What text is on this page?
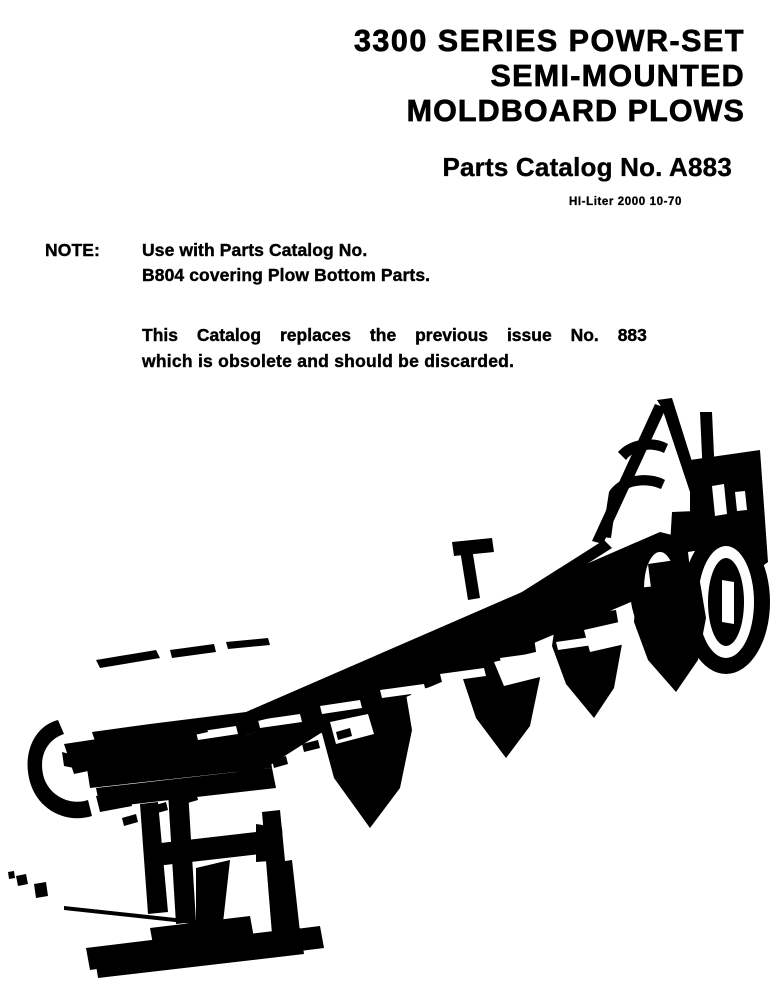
3300 SERIES POWR-SET
SEMI-MOUNTED
MOLDBOARD PLOWS
Parts Catalog No. A883
HI-Liter 2000 10-70
NOTE:	Use with Parts Catalog No.
B804 covering Plow Bottom Parts.
This Catalog replaces the previous issue No. 883
which is obsolete and should be discarded.
